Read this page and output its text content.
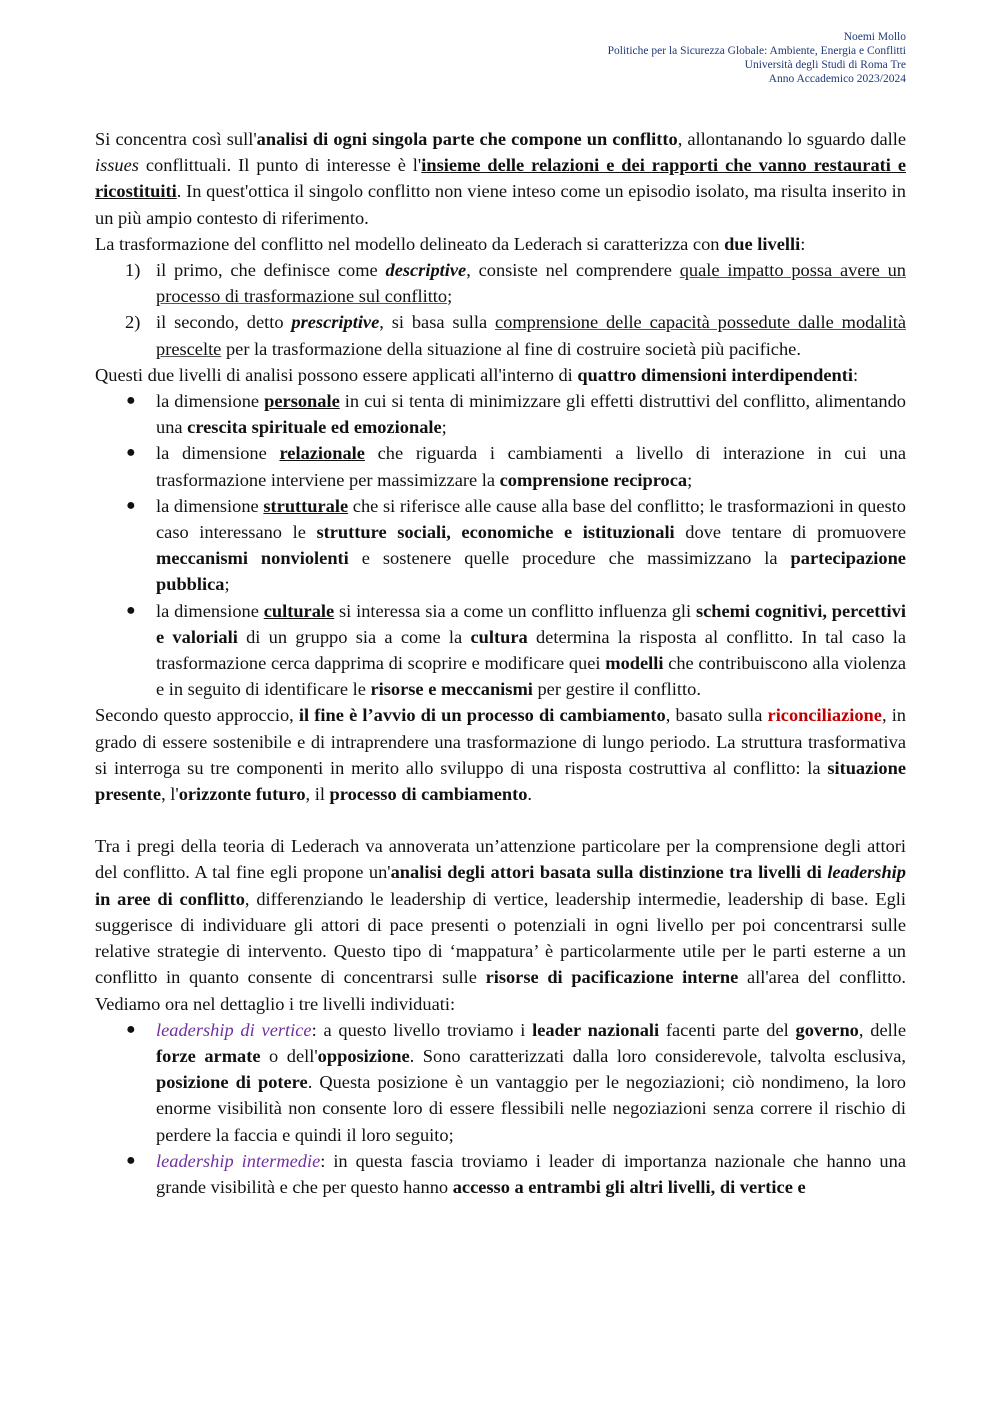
Noemi Mollo
Politiche per la Sicurezza Globale: Ambiente, Energia e Conflitti
Università degli Studi di Roma Tre
Anno Accademico 2023/2024

Si concentra così sull'analisi di ogni singola parte che compone un conflitto, allontanando lo sguardo dalle issues conflittuali. Il punto di interesse è l'insieme delle relazioni e dei rapporti che vanno restaurati e ricostituiti. In quest'ottica il singolo conflitto non viene inteso come un episodio isolato, ma risulta inserito in un più ampio contesto di riferimento.

La trasformazione del conflitto nel modello delineato da Lederach si caratterizza con due livelli:

1) il primo, che definisce come descriptive, consiste nel comprendere quale impatto possa avere un processo di trasformazione sul conflitto;
2) il secondo, detto prescriptive, si basa sulla comprensione delle capacità possedute dalle modalità prescelte per la trasformazione della situazione al fine di costruire società più pacifiche.

Questi due livelli di analisi possono essere applicati all'interno di quattro dimensioni interdipendenti:

● la dimensione personale in cui si tenta di minimizzare gli effetti distruttivi del conflitto, alimentando una crescita spirituale ed emozionale;
● la dimensione relazionale che riguarda i cambiamenti a livello di interazione in cui una trasformazione interviene per massimizzare la comprensione reciproca;
● la dimensione strutturale che si riferisce alle cause alla base del conflitto; le trasformazioni in questo caso interessano le strutture sociali, economiche e istituzionali dove tentare di promuovere meccanismi nonviolenti e sostenere quelle procedure che massimizzano la partecipazione pubblica;
● la dimensione culturale si interessa sia a come un conflitto influenza gli schemi cognitivi, percettivi e valoriali di un gruppo sia a come la cultura determina la risposta al conflitto. In tal caso la trasformazione cerca dapprima di scoprire e modificare quei modelli che contribuiscono alla violenza e in seguito di identificare le risorse e meccanismi per gestire il conflitto.

Secondo questo approccio, il fine è l’avvio di un processo di cambiamento, basato sulla riconciliazione, in grado di essere sostenibile e di intraprendere una trasformazione di lungo periodo. La struttura trasformativa si interroga su tre componenti in merito allo sviluppo di una risposta costruttiva al conflitto: la situazione presente, l'orizzonte futuro, il processo di cambiamento.

Tra i pregi della teoria di Lederach va annoverata un’attenzione particolare per la comprensione degli attori del conflitto. A tal fine egli propone un'analisi degli attori basata sulla distinzione tra livelli di leadership in aree di conflitto, differenziando le leadership di vertice, leadership intermedie, leadership di base. Egli suggerisce di individuare gli attori di pace presenti o potenziali in ogni livello per poi concentrarsi sulle relative strategie di intervento. Questo tipo di ‘mappatura’ è particolarmente utile per le parti esterne a un conflitto in quanto consente di concentrarsi sulle risorse di pacificazione interne all'area del conflitto. Vediamo ora nel dettaglio i tre livelli individuati:

● leadership di vertice: a questo livello troviamo i leader nazionali facenti parte del governo, delle forze armate o dell'opposizione. Sono caratterizzati dalla loro considerevole, talvolta esclusiva, posizione di potere. Questa posizione è un vantaggio per le negoziazioni; ciò nondimeno, la loro enorme visibilità non consente loro di essere flessibili nelle negoziazioni senza correre il rischio di perdere la faccia e quindi il loro seguito;
● leadership intermedie: in questa fascia troviamo i leader di importanza nazionale che hanno una grande visibilità e che per questo hanno accesso a entrambi gli altri livelli, di vertice e
